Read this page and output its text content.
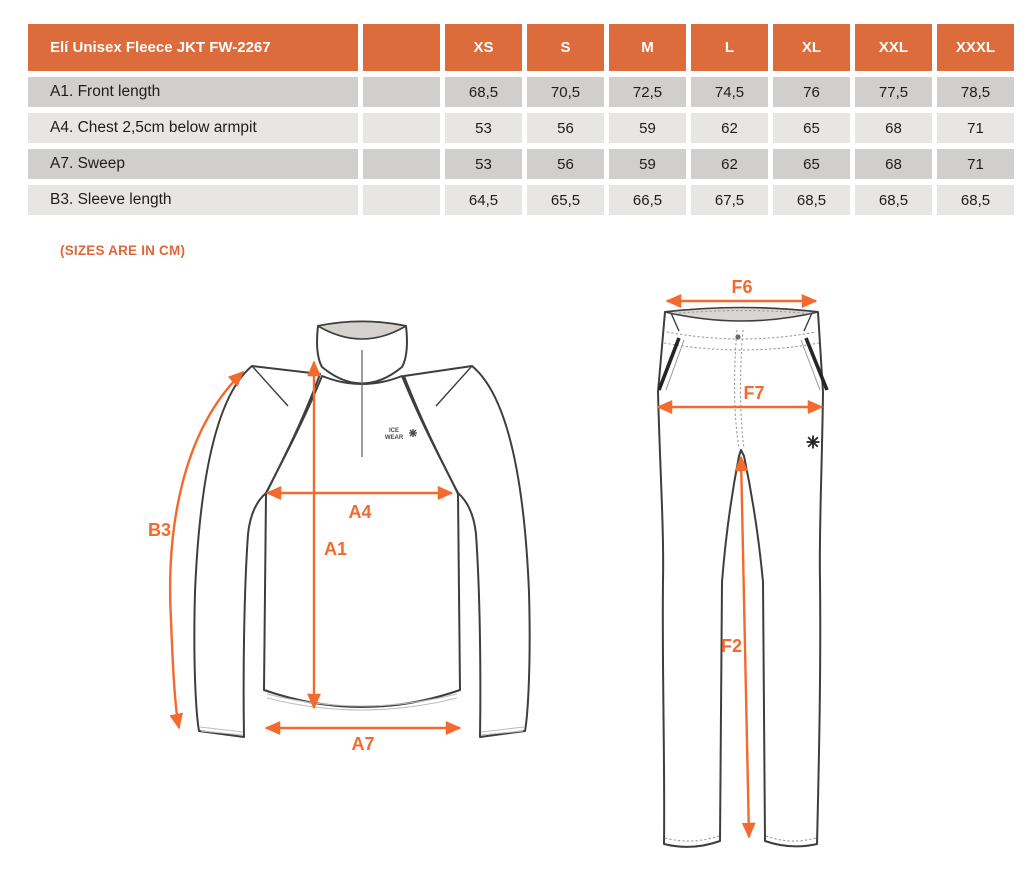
Elí Unisex Fleece JKT FW-2267		XS	S	M	L	XL	XXL	XXXL
A1. Front length		68,5	70,5	72,5	74,5	76	77,5	78,5
A4. Chest 2,5cm below armpit		53	56	59	62	65	68	71
A7. Sweep		53	56	59	62	65	68	71
B3. Sleeve length		64,5	65,5	66,5	67,5	68,5	68,5	68,5
(SIZES ARE IN CM)
ICE
WEAR
B3
A1
A4
A7
F6
F7
F2
